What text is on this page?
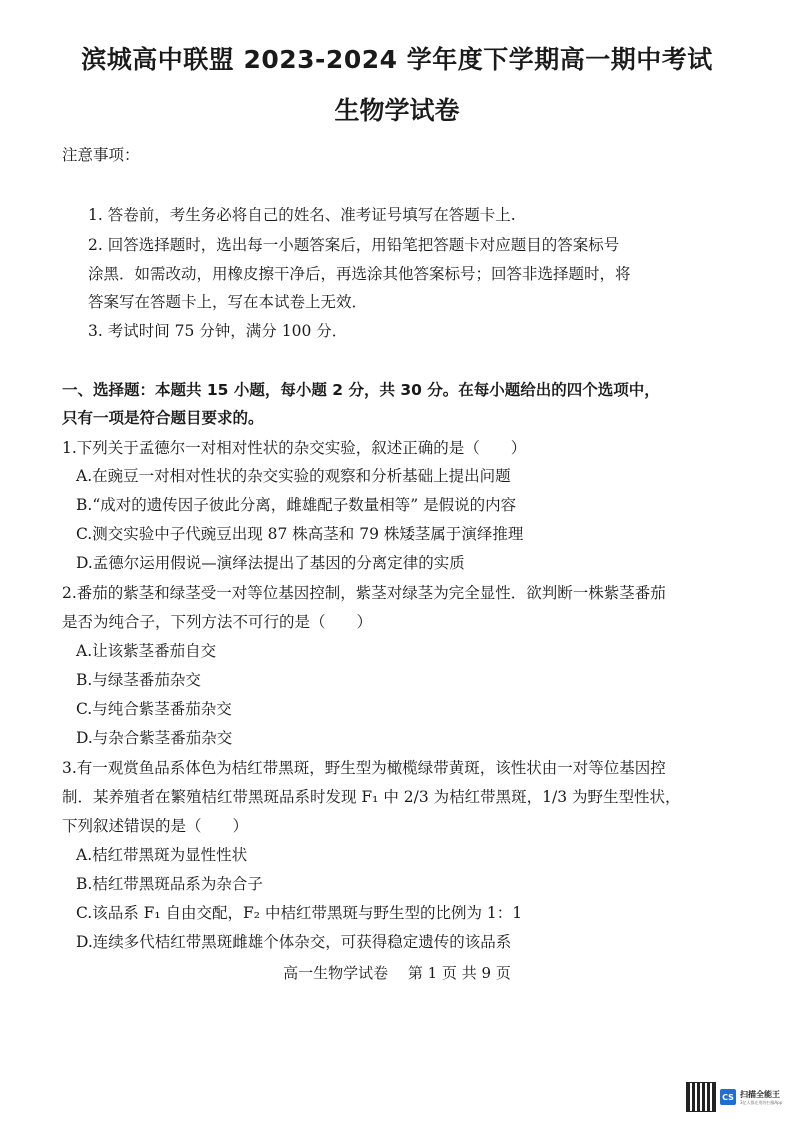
滨城高中联盟 2023-2024 学年度下学期高一期中考试
生物学试卷
注意事项：
1. 答卷前，考生务必将自己的姓名、准考证号填写在答题卡上.
2. 回答选择题时，选出每一小题答案后，用铅笔把答题卡对应题目的答案标号
涂黑．如需改动，用橡皮擦干净后，再选涂其他答案标号；回答非选择题时，将
答案写在答题卡上，写在本试卷上无效．
3. 考试时间 75 分钟，满分 100 分．
一、选择题：本题共 15 小题，每小题 2 分，共 30 分。在每小题给出的四个选项中，
只有一项是符合题目要求的。
1.下列关于孟德尔一对相对性状的杂交实验，叙述正确的是（　　）
A.在豌豆一对相对性状的杂交实验的观察和分析基础上提出问题
B.“成对的遗传因子彼此分离，雌雄配子数量相等” 是假说的内容
C.测交实验中子代豌豆出现 87 株高茎和 79 株矮茎属于演绎推理
D.孟德尔运用假说—演绎法提出了基因的分离定律的实质
2.番茄的紫茎和绿茎受一对等位基因控制，紫茎对绿茎为完全显性．欲判断一株紫茎番茄
是否为纯合子，下列方法不可行的是（　　）
A.让该紫茎番茄自交
B.与绿茎番茄杂交
C.与纯合紫茎番茄杂交
D.与杂合紫茎番茄杂交
3.有一观赏鱼品系体色为桔红带黑斑，野生型为橄榄绿带黄斑，该性状由一对等位基因控
制．某养殖者在繁殖桔红带黑斑品系时发现 F₁ 中 2/3 为桔红带黑斑，1/3 为野生型性状，
下列叙述错误的是（　　）
A.桔红带黑斑为显性性状
B.桔红带黑斑品系为杂合子
C.该品系 F₁ 自由交配，F₂ 中桔红带黑斑与野生型的比例为 1：1
D.连续多代桔红带黑斑雌雄个体杂交，可获得稳定遗传的该品系
高一生物学试卷　 第 1 页 共 9 页
CS 扫描全能王
3亿人都在用的扫描App
